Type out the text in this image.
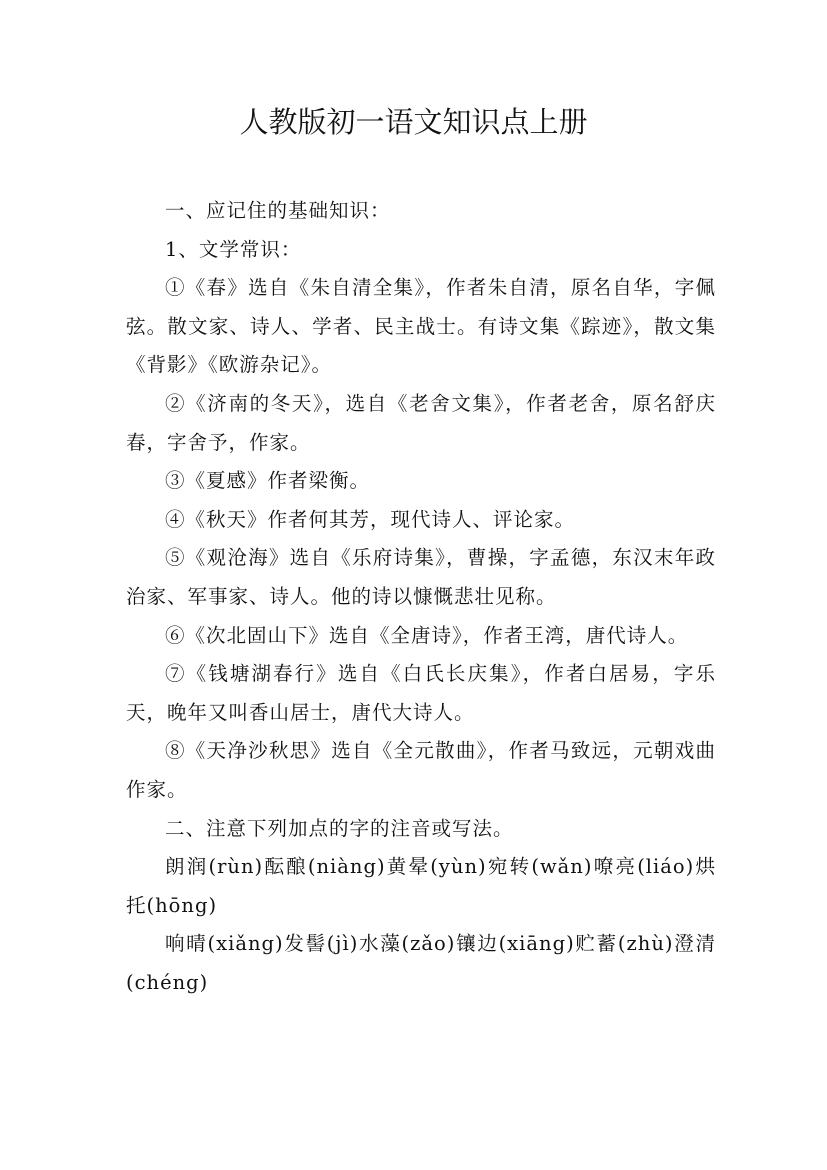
人教版初一语文知识点上册

一、应记住的基础知识：

1、文学常识：

①《春》选自《朱自清全集》，作者朱自清，原名自华，字佩弦。散文家、诗人、学者、民主战士。有诗文集《踪迹》，散文集《背影》《欧游杂记》。

②《济南的冬天》，选自《老舍文集》，作者老舍，原名舒庆春，字舍予，作家。

③《夏感》作者梁衡。

④《秋天》作者何其芳，现代诗人、评论家。

⑤《观沧海》选自《乐府诗集》，曹操，字孟德，东汉末年政治家、军事家、诗人。他的诗以慷慨悲壮见称。

⑥《次北固山下》选自《全唐诗》，作者王湾，唐代诗人。

⑦《钱塘湖春行》选自《白氏长庆集》，作者白居易，字乐天，晚年又叫香山居士，唐代大诗人。

⑧《天净沙秋思》选自《全元散曲》，作者马致远，元朝戏曲作家。

二、注意下列加点的字的注音或写法。

朗润(rùn)酝酿(niàng)黄晕(yùn)宛转(wǎn)嘹亮(liáo)烘托(hōng)

响晴(xiǎng)发髻(jì)水藻(zǎo)镶边(xiāng)贮蓄(zhù)澄清(chéng)
